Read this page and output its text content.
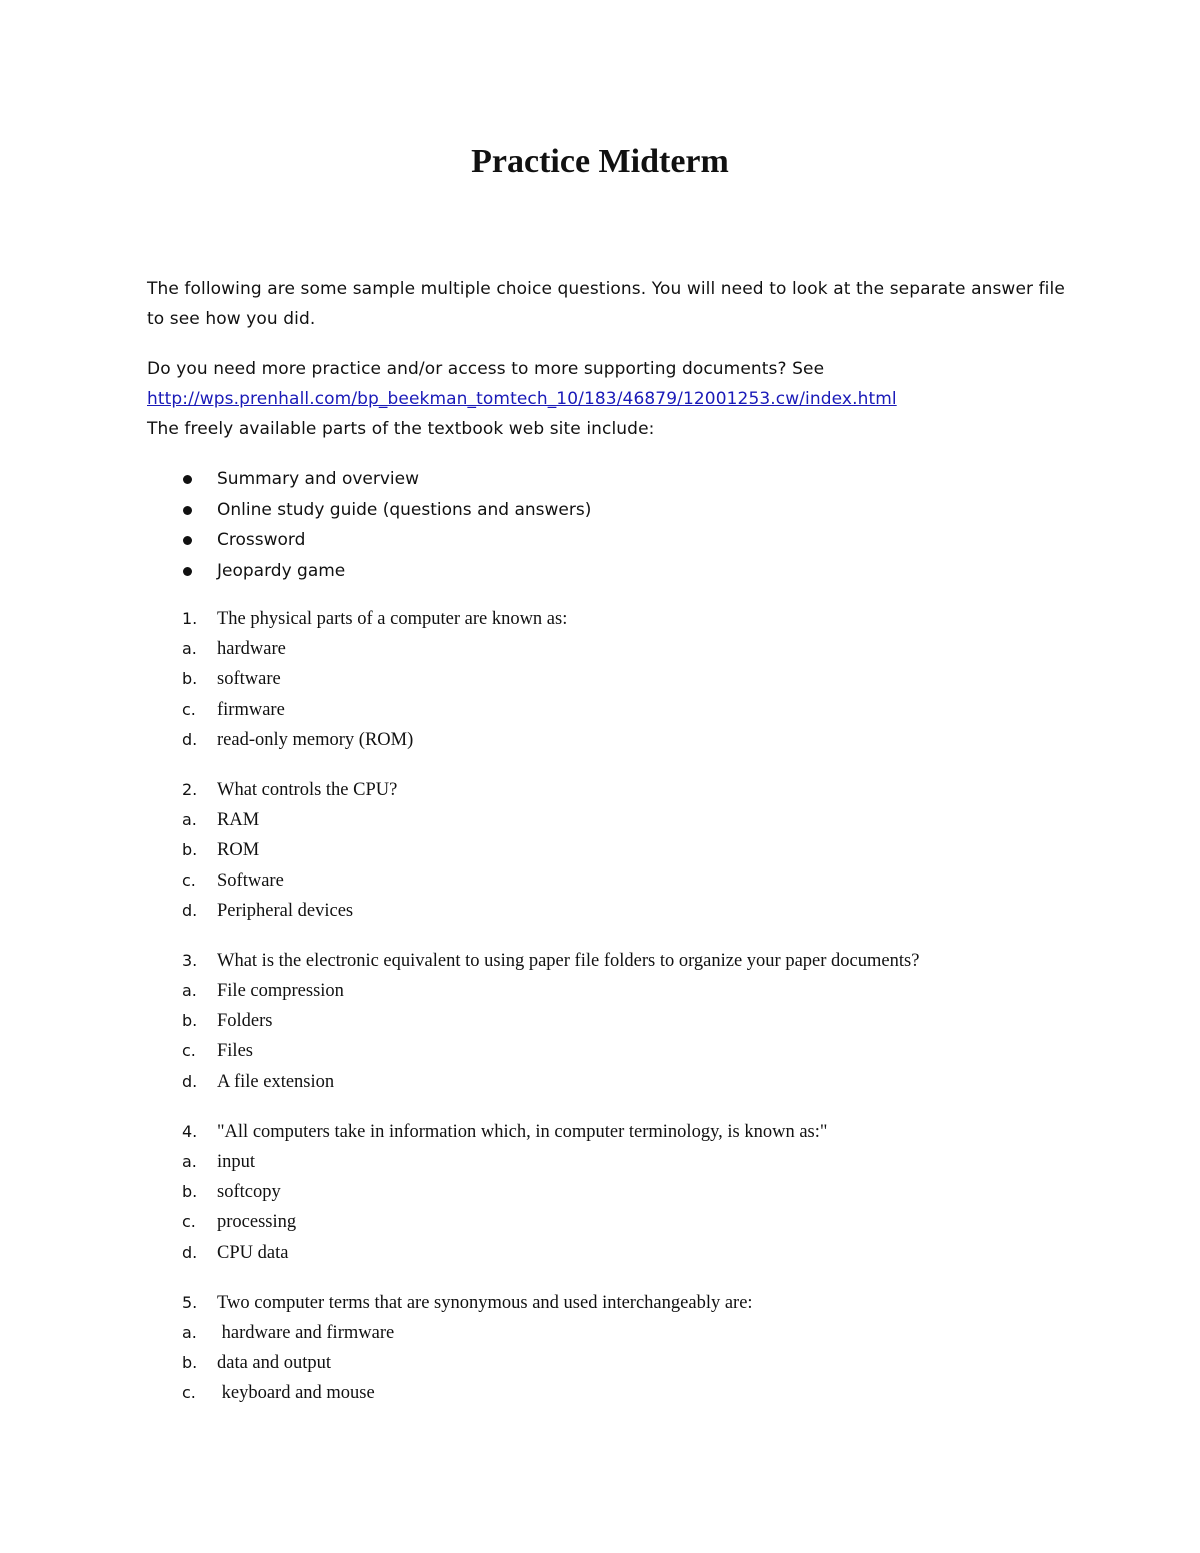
Practice Midterm

The following are some sample multiple choice questions. You will need to look at the separate answer file to see how you did.

Do you need more practice and/or access to more supporting documents? See
http://wps.prenhall.com/bp_beekman_tomtech_10/183/46879/12001253.cw/index.html
The freely available parts of the textbook web site include:
Summary and overview
Online study guide (questions and answers)
Crossword
Jeopardy game
1. The physical parts of a computer are known as:
a. hardware
b. software
c. firmware
d. read-only memory (ROM)
2. What controls the CPU?
a. RAM
b. ROM
c. Software
d. Peripheral devices
3. What is the electronic equivalent to using paper file folders to organize your paper documents?
a. File compression
b. Folders
c. Files
d. A file extension
4. "All computers take in information which, in computer terminology, is known as:"
a. input
b. softcopy
c. processing
d. CPU data
5. Two computer terms that are synonymous and used interchangeably are:
a. hardware and firmware
b. data and output
c. keyboard and mouse
